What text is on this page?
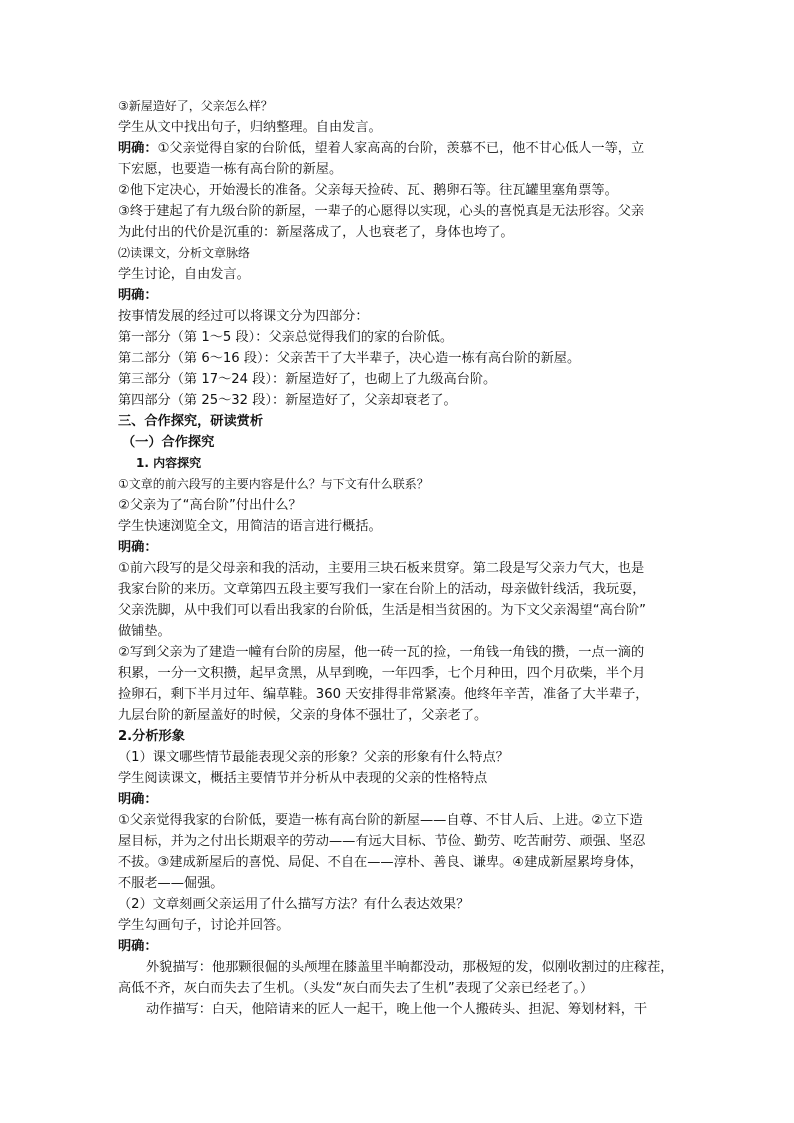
③新屋造好了，父亲怎么样？
学生从文中找出句子，归纳整理。自由发言。
明确：①父亲觉得自家的台阶低，望着人家高高的台阶，羡慕不已，他不甘心低人一等，立
下宏愿，也要造一栋有高台阶的新屋。
②他下定决心，开始漫长的准备。父亲每天捡砖、瓦、鹅卵石等。往瓦罐里塞角票等。
③终于建起了有九级台阶的新屋，一辈子的心愿得以实现，心头的喜悦真是无法形容。父亲
为此付出的代价是沉重的：新屋落成了，人也衰老了，身体也垮了。
⑵读课文，分析文章脉络
学生讨论，自由发言。
明确：
按事情发展的经过可以将课文分为四部分：
第一部分（第 1～5 段）：父亲总觉得我们的家的台阶低。
第二部分（第 6～16 段）：父亲苦干了大半辈子，决心造一栋有高台阶的新屋。
第三部分（第 17～24 段）：新屋造好了，也砌上了九级高台阶。
第四部分（第 25～32 段）：新屋造好了，父亲却衰老了。
三、合作探究，研读赏析
（一）合作探究
1. 内容探究
①文章的前六段写的主要内容是什么？与下文有什么联系？
②父亲为了“高台阶”付出什么？
学生快速浏览全文，用简洁的语言进行概括。
明确：
①前六段写的是父母亲和我的活动，主要用三块石板来贯穿。第二段是写父亲力气大，也是
我家台阶的来历。文章第四五段主要写我们一家在台阶上的活动，母亲做针线活，我玩耍，
父亲洗脚，从中我们可以看出我家的台阶低，生活是相当贫困的。为下文父亲渴望“高台阶”
做铺垫。
②写到父亲为了建造一幢有台阶的房屋，他一砖一瓦的捡，一角钱一角钱的攒，一点一滴的
积累，一分一文积攒，起早贪黑，从早到晚，一年四季，七个月种田，四个月砍柴，半个月
捡卵石，剩下半月过年、编草鞋。360 天安排得非常紧凑。他终年辛苦，准备了大半辈子，
九层台阶的新屋盖好的时候，父亲的身体不强壮了，父亲老了。
2.分析形象
（1）课文哪些情节最能表现父亲的形象？父亲的形象有什么特点？
学生阅读课文，概括主要情节并分析从中表现的父亲的性格特点
明确：
①父亲觉得我家的台阶低，要造一栋有高台阶的新屋——自尊、不甘人后、上进。②立下造
屋目标，并为之付出长期艰辛的劳动——有远大目标、节俭、勤劳、吃苦耐劳、顽强、坚忍
不拔。③建成新屋后的喜悦、局促、不自在——淳朴、善良、谦卑。④建成新屋累垮身体，
不服老——倔强。
（2）文章刻画父亲运用了什么描写方法？有什么表达效果？
学生勾画句子，讨论并回答。
明确：
外貌描写：他那颗很倔的头颅埋在膝盖里半晌都没动，那极短的发，似刚收割过的庄稼茬，
高低不齐，灰白而失去了生机。（头发“灰白而失去了生机”表现了父亲已经老了。）
动作描写：白天，他陪请来的匠人一起干，晚上他一个人搬砖头、担泥、筹划材料，干
